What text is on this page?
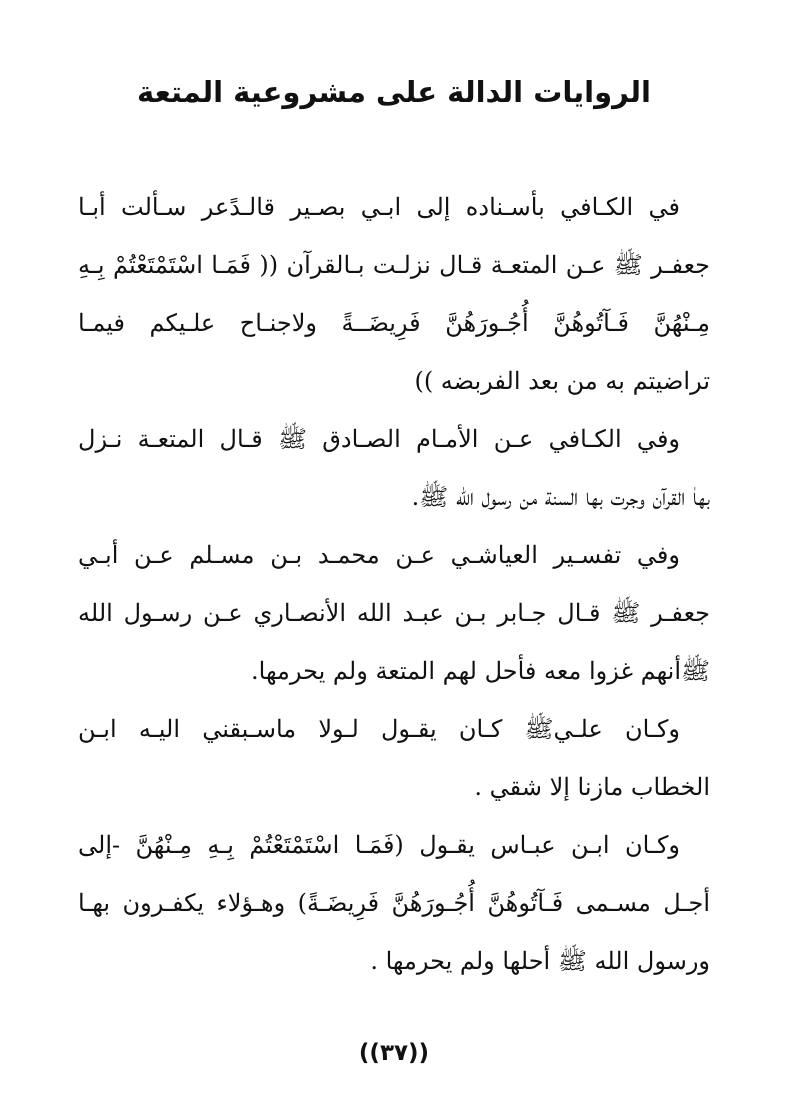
الروايات الدالة على مشروعية المتعة
في الكـافي بأسـناده إلى ابـي بصـير قالـدًعر سـألت أبـا
جعفـر ﷺ عـن المتعـة قـال نزلـت بـالقرآن (( فَمَـا اسْتَمْتَعْتُمْ بِـهِ
مِـنْهُنَّ فَـآتُوهُنَّ أُجُـورَهُنَّ فَرِيضَــةً ولاجنـاح علـيكم فيمـا
تراضيتم به من بعد الفربضه ))
وفي الكـافي عـن الأمـام الصـادق ﷺ قـال المتعـة نـزل
بهاٰ القرآن وجرت بها السنة من رسول الله ﷺ.
وفي تفسـير العياشـي عـن محمـد بـن مسـلم عـن أبـي
جعفـر ﷺ قـال جـابر بـن عبـد الله الأنصـاري عـن رسـول الله
ﷺأنهم غزوا معه فأحل لهم المتعة ولم يحرمها.
وكـان علـيﷺ كـان يقـول لـولا ماسـبقني اليـه ابـن
الخطاب مازنا إلا شقي .
وكـان ابـن عبـاس يقـول (فَمَـا اسْتَمْتَعْتُمْ بِـهِ مِـنْهُنَّ -إلى
أجـل مسـمى فَـآتُوهُنَّ أُجُـورَهُنَّ فَرِيضَـةً) وهـؤلاء يكفـرون بهـا
ورسول الله ﷺ أحلها ولم يحرمها .
((٣٧))
